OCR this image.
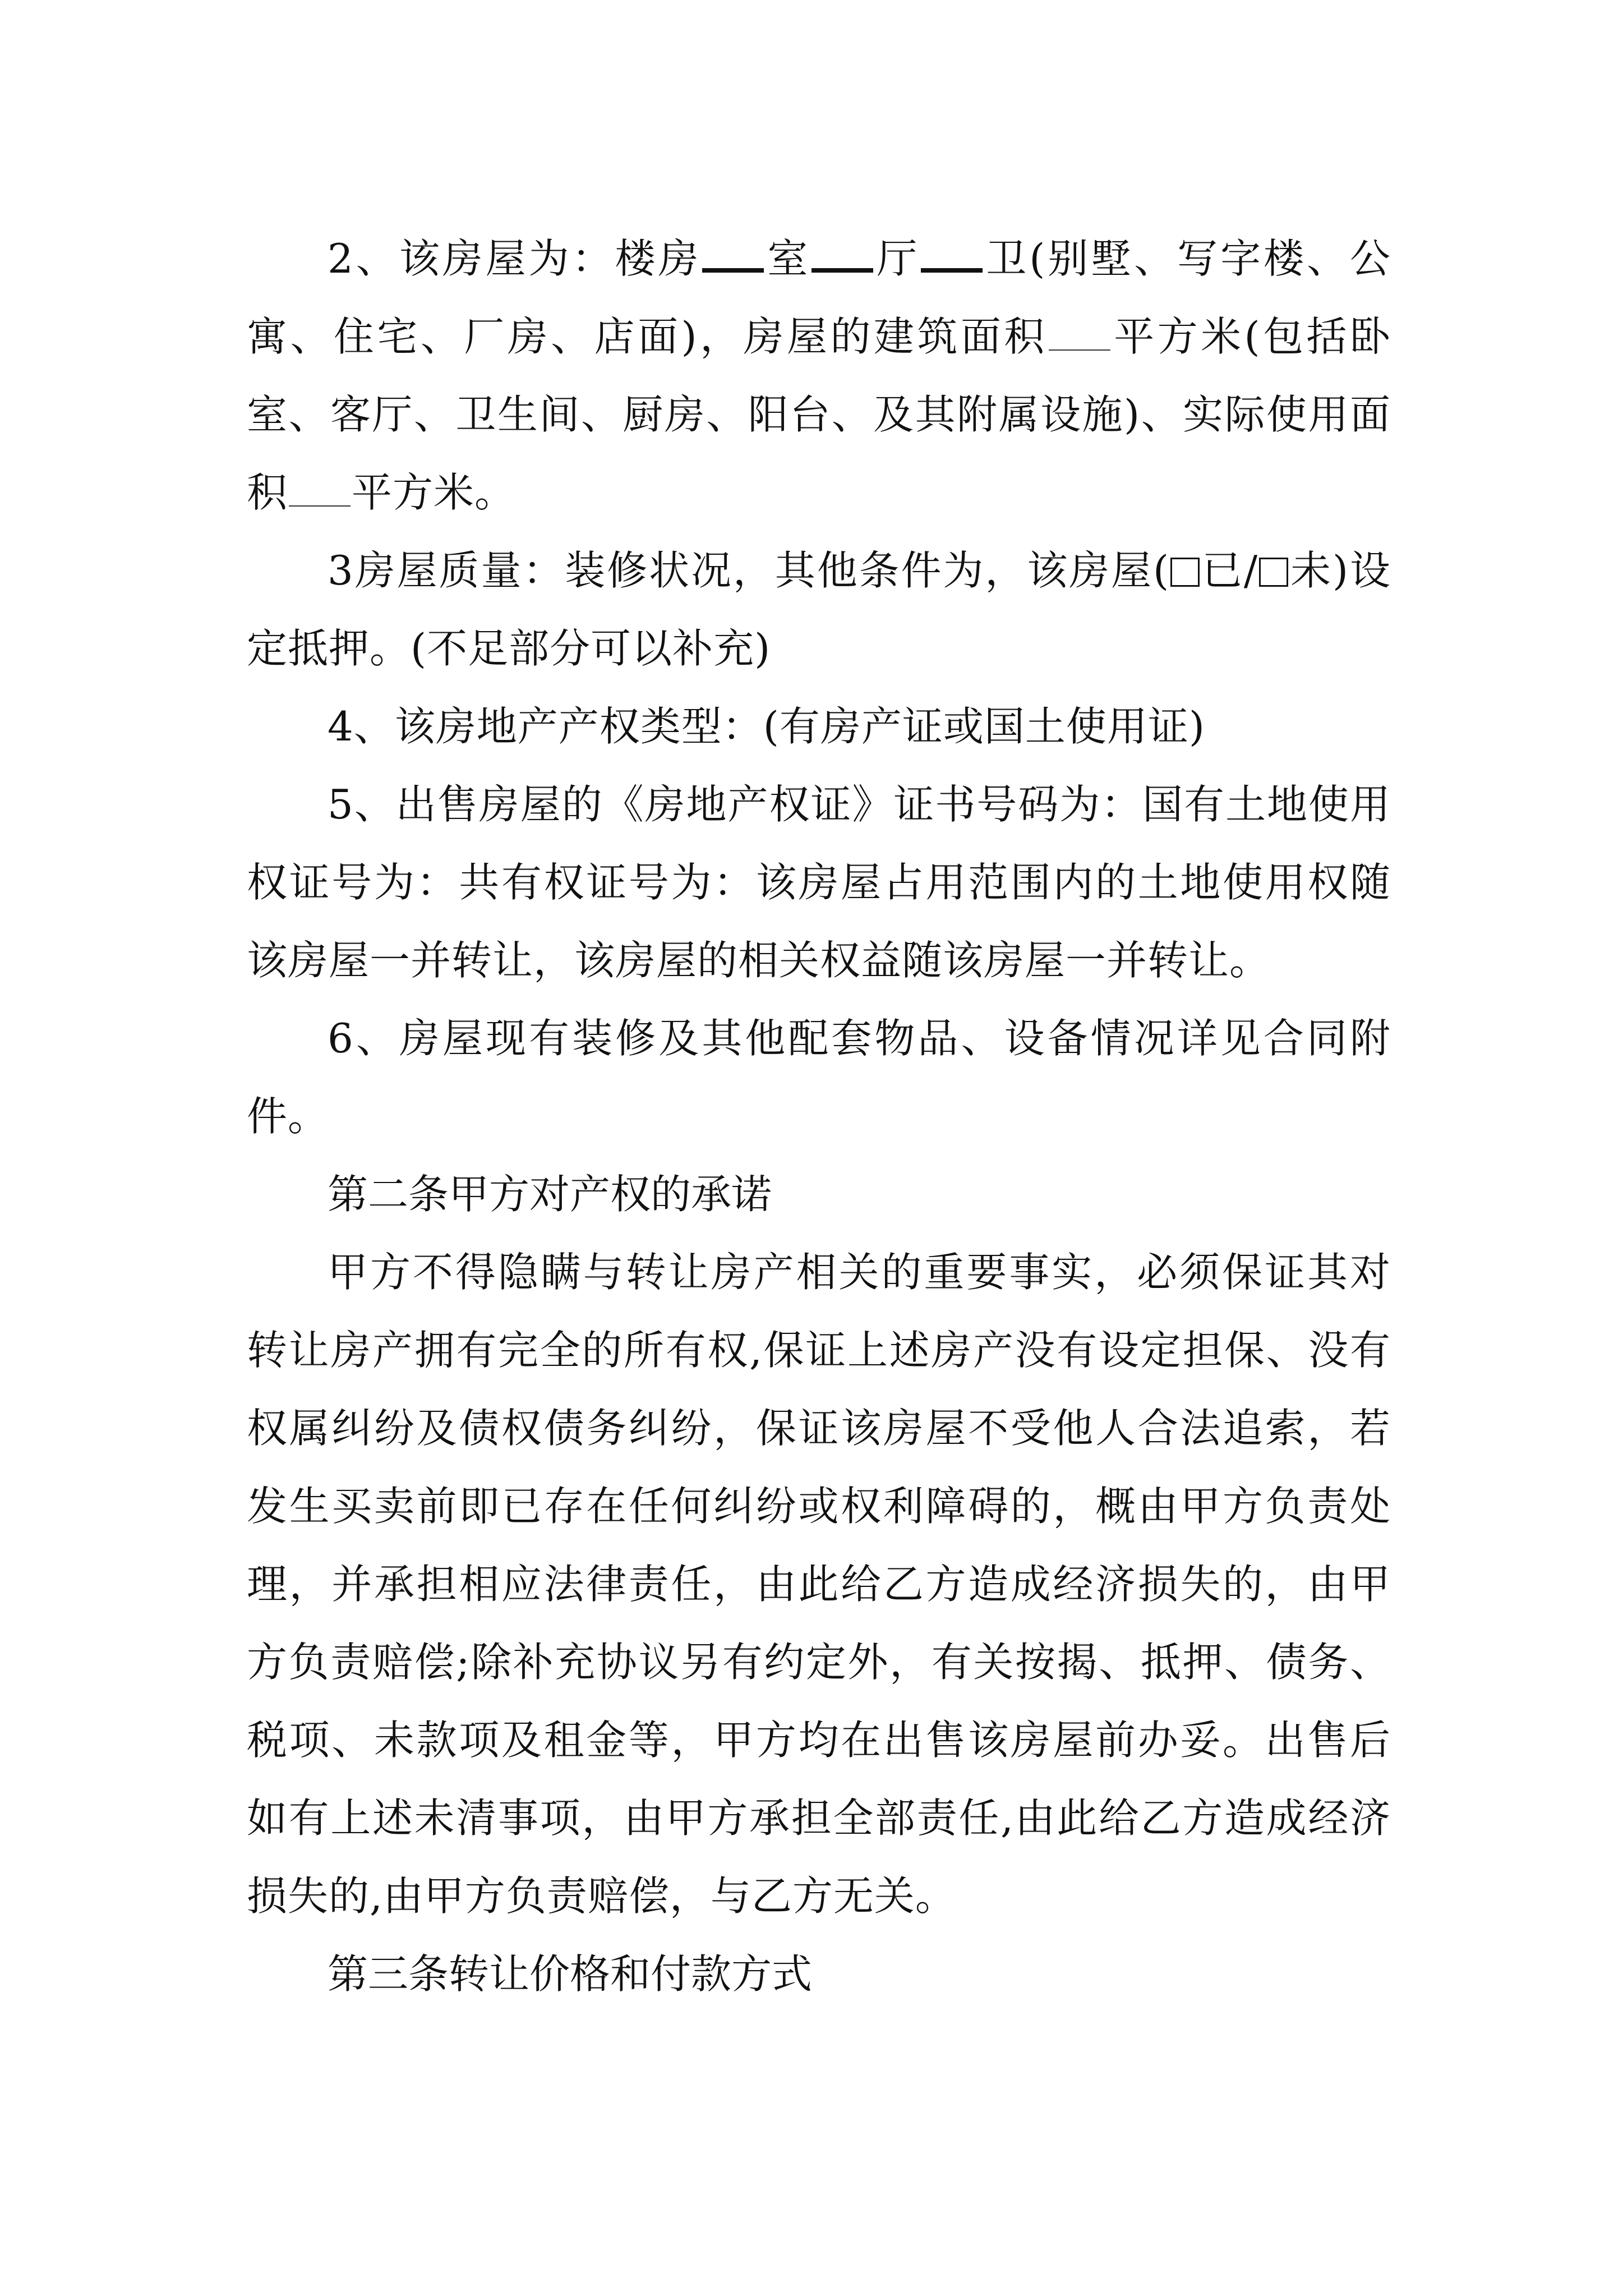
2、该房屋为：楼房 室 厅 卫(别墅、写字楼、公寓、住宅、厂房、店面)，房屋的建筑面积 平方米(包括卧室、客厅、卫生间、厨房、阳台、及其附属设施)、实际使用面积 平方米。

3房屋质量：装修状况，其他条件为，该房屋( 已/ 未)设定抵押。(不足部分可以补充)

4、该房地产产权类型：(有房产证或国土使用证)

5、出售房屋的《房地产权证》证书号码为：国有土地使用权证号为：共有权证号为：该房屋占用范围内的土地使用权随该房屋一并转让，该房屋的相关权益随该房屋一并转让。

6、房屋现有装修及其他配套物品、设备情况详见合同附件。

第二条甲方对产权的承诺

甲方不得隐瞒与转让房产相关的重要事实，必须保证其对转让房产拥有完全的所有权,保证上述房产没有设定担保、没有权属纠纷及债权债务纠纷，保证该房屋不受他人合法追索，若发生买卖前即已存在任何纠纷或权利障碍的，概由甲方负责处理，并承担相应法律责任，由此给乙方造成经济损失的，由甲方负责赔偿;除补充协议另有约定外，有关按揭、抵押、债务、税项、未款项及租金等，甲方均在出售该房屋前办妥。出售后如有上述未清事项，由甲方承担全部责任,由此给乙方造成经济损失的,由甲方负责赔偿，与乙方无关。

第三条转让价格和付款方式
